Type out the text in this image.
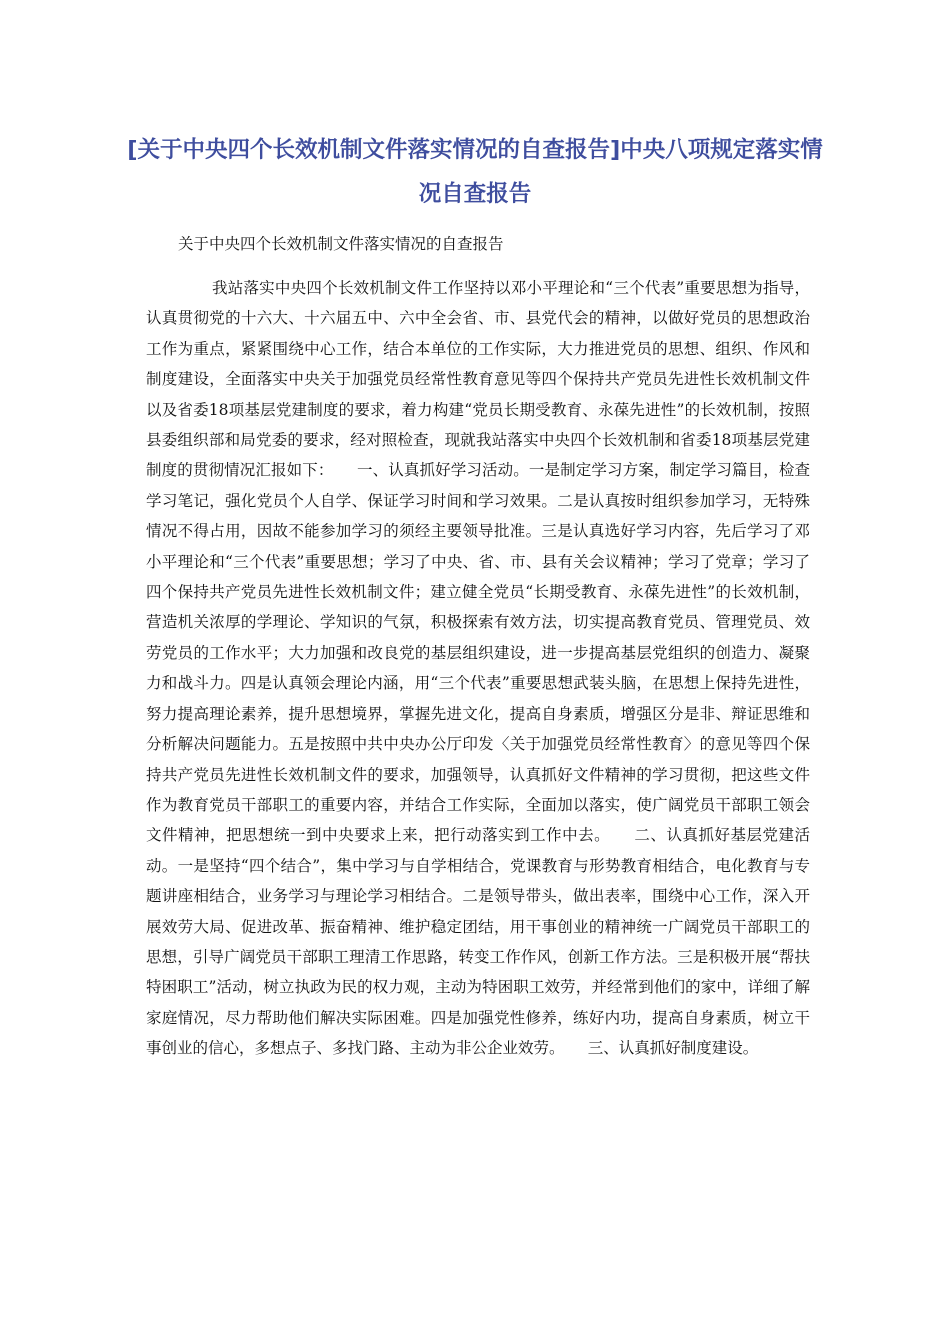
[关于中央四个长效机制文件落实情况的自查报告]中央八项规定落实情况自查报告

关于中央四个长效机制文件落实情况的自查报告

我站落实中央四个长效机制文件工作坚持以邓小平理论和“三个代表”重要思想为指导，认真贯彻党的十六大、十六届五中、六中全会省、市、县党代会的精神，以做好党员的思想政治工作为重点，紧紧围绕中心工作，结合本单位的工作实际，大力推进党员的思想、组织、作风和制度建设，全面落实中央关于加强党员经常性教育意见等四个保持共产党员先进性长效机制文件以及省委18项基层党建制度的要求，着力构建“党员长期受教育、永葆先进性”的长效机制，按照县委组织部和局党委的要求，经对照检查，现就我站落实中央四个长效机制和省委18项基层党建制度的贯彻情况汇报如下：　　一、认真抓好学习活动。一是制定学习方案，制定学习篇目，检查学习笔记，强化党员个人自学、保证学习时间和学习效果。二是认真按时组织参加学习，无特殊情况不得占用，因故不能参加学习的须经主要领导批准。三是认真选好学习内容，先后学习了邓小平理论和“三个代表”重要思想；学习了中央、省、市、县有关会议精神；学习了党章；学习了四个保持共产党员先进性长效机制文件；建立健全党员“长期受教育、永葆先进性”的长效机制，营造机关浓厚的学理论、学知识的气氛，积极探索有效方法，切实提高教育党员、管理党员、效劳党员的工作水平；大力加强和改良党的基层组织建设，进一步提高基层党组织的创造力、凝聚力和战斗力。四是认真领会理论内涵，用“三个代表”重要思想武装头脑，在思想上保持先进性，努力提高理论素养，提升思想境界，掌握先进文化，提高自身素质，增强区分是非、辩证思维和分析解决问题能力。五是按照中共中央办公厅印发〈关于加强党员经常性教育〉的意见等四个保持共产党员先进性长效机制文件的要求，加强领导，认真抓好文件精神的学习贯彻，把这些文件作为教育党员干部职工的重要内容，并结合工作实际，全面加以落实，使广阔党员干部职工领会文件精神，把思想统一到中央要求上来，把行动落实到工作中去。　　二、认真抓好基层党建活动。一是坚持“四个结合”，集中学习与自学相结合，党课教育与形势教育相结合，电化教育与专题讲座相结合，业务学习与理论学习相结合。二是领导带头，做出表率，围绕中心工作，深入开展效劳大局、促进改革、振奋精神、维护稳定团结，用干事创业的精神统一广阔党员干部职工的思想，引导广阔党员干部职工理清工作思路，转变工作作风，创新工作方法。三是积极开展“帮扶特困职工”活动，树立执政为民的权力观，主动为特困职工效劳，并经常到他们的家中，详细了解家庭情况，尽力帮助他们解决实际困难。四是加强党性修养，练好内功，提高自身素质，树立干事创业的信心，多想点子、多找门路、主动为非公企业效劳。　　三、认真抓好制度建设。
